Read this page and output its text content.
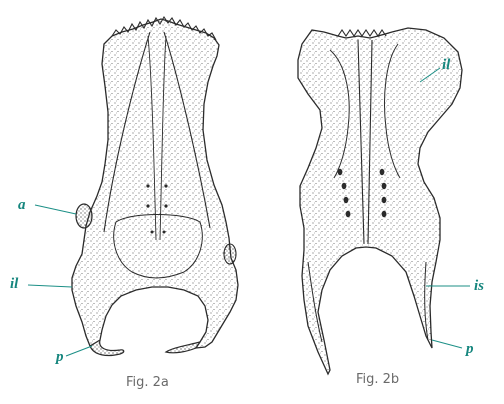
a
il
p
il
is
p
Fig. 2a	Fig. 2b
